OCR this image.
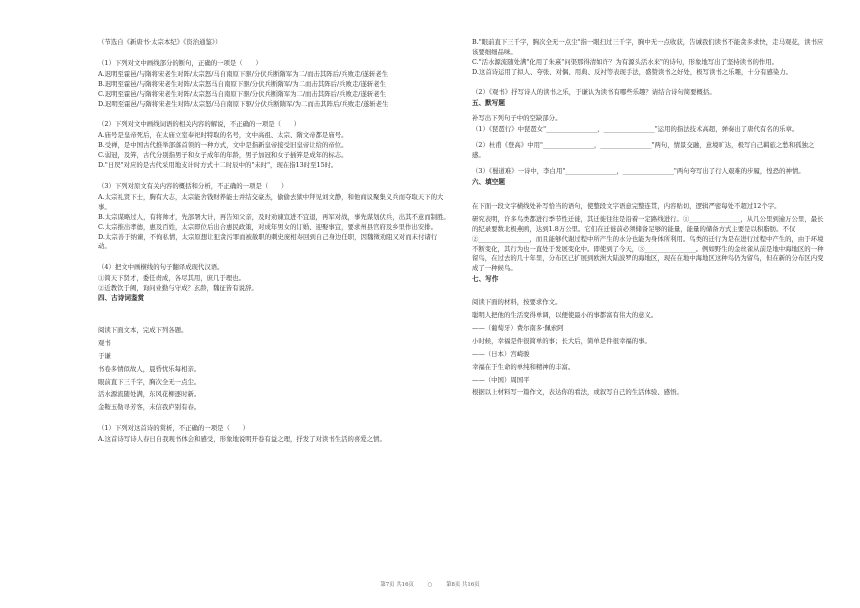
（节选自《新唐书·太宗本纪》《资治通鉴》）

（1）下列对文中画线部分的断句，正确的一项是（　　）

A.迟明至霍邑/与隋将宋老生对阵/太宗怒/马自南原下驱/分伏兵断隋军为二/而击其阵后/兵败走/遂斩老生

B.迟明至霍邑/与隋将宋老生对阵/太宗怒马自南原下驱/分伏兵断隋军/为二而击其阵后/兵败走/遂斩老生

C.迟明至霍邑/与隋将宋老生对阵/太宗怒马自南原下驱/分伏兵断隋军为二/而击其阵后/兵败走/遂斩老生

D.迟明至霍邑/与隋将宋老生对阵/太宗怒/马自南原下驱/分伏兵断隋军/为二而击其阵后/兵败走/遂斩老生

（2）下列对文中画线词语的相关内容的解说，不正确的一项是（　　）

A.庙号是皇帝死后，在太庙立室奉祀时特取的名号，文中高祖、太宗、隋文帝都是庙号。

B.受禅，是中国古代推举部落首领的一种方式，文中是指新皇帝接受旧皇帝让给的帝位。

C.弱冠，及笄，古代分别指男子和女子成年的年龄，男子加冠和女子插笄是成年的标志。

D."日昃"对应的是古代采用地支计时方式十二时辰中的"未时"，现在指13时至15时。

（3）下列对原文有关内容的概括和分析，不正确的一项是（　　）

A.太宗礼贤下士，胸有大志，太宗能舍钱财养能士并结交豪杰，偷偷去狱中拜见刘文静，和他商议聚集义兵而夺取天下的大事。

B.太宗谋略过人，有将帅才，先部署大计，再告知父亲，及时劝谏宣进不宜退，再军对战，事先谋划伏兵，出其不意而制胜。

C.太宗推出孝德，惠及百姓，太宗即位后出合惠民政策，对成年男女的订婚、迎娶事宜，要求州县官府及乡里作出安排。

D.太宗善于纳谏，不徇私情，太宗原想让犯贪污罪而被赦职的刺史庞相寿回到自己身边任职，因魏徵劝阻又对而未付诸行动。

（4）把文中画横线的句子翻译成现代汉语。

①简天下贤才，委任责成，各尽其用，庶几于理也。

②近教饮于阙，询问业勤与守成？玄龄，魏征皆有说辞。

四、古诗词鉴赏

阅读下面文本，完成下列各题。

观书

于谦

书卷多情似故人，晨昏忧乐每相亲。

眼前直下三千字，胸次全无一点尘。

活水源流随处满，东风花柳逐时新。

金鞍玉勒寻芳客，未信我庐别有春。

（1）下列对这首诗的赏析，不正确的一项是（　　）

A.这首诗写诗人春日自我观书体会和感受，形象地说明开卷有益之理，抒发了对读书生活的喜爱之情。

B."眼前直下三千字，胸次全无一点尘"指一眼扫过三千字，胸中无一点收获，告诫我们读书不能贪多求快，走马观花，读书应该要细细品味。

C."活水源流随处满"化用了朱熹"问渠那得清如许？为有源头活水来"的诗句，形象地写出了坚持读书的作用。

D.这首诗运用了拟人、夸张、对偶、用典、反衬等表现手法，盛赞读书之好处，极写读书之乐趣，十分有感染力。

（2）《观书》抒写诗人的读书之乐，于谦认为读书有哪些乐趣？请结合诗句简要概括。

五、默写题

补写出下列句子中的空缺部分。

（1）《琵琶行》中琵琶女"________________，________________"运用的指法技术高超，弹奏出了唐代有名的乐章。

（2）杜甫《登高》中用"________________，________________"两句，情景交融，意境旷达，极写自己羁旅之愁和孤独之感。

（3）《蜀道难》一诗中，李白用"________________，________________"两句夸写出了行人艰难的步履，惶恐的神情。

六、填空题

在下面一段文字横线处补写恰当的语句，使整段文字语意完整连贯，内容贴切，逻辑严密每处不超过12个字。

研究表明，许多鸟类都进行季节性迁徙，其迁徙往往是沿着一定路线进行。①________________，从几公里到逾万公里，最长的纪录要数北极燕鸥，达到1.8万公里。它们在迁徙前必须储备足够的能量，能量的储备方式主要是以积脂肪。不仅②________________，而且能够代谢过程中所产生的水分也能为身体所利用。鸟类的迁行为是在进行过程中产生的，由于环境不断变化，其行为也一直处于发展变化中。即使到了今天，③________________。例如野生的金丝雀从前是地中海地区的一种留鸟，在过去的几十年里，分布区已扩展到欧洲大陆波罗的海地区，现在在地中海地区这种鸟仍为留鸟，但在新的分布区内变成了一种候鸟。

七、写作

阅读下面的材料，按要求作文。

聪明人把他的生活变得单调，以便使最小的事都富有伟大的意义。

——（葡萄牙）费尔南多·佩索阿

小时候，幸福是件很简单的事；长大后，简单是件很幸福的事。

——（日本）宫崎骏

幸福在于生命的单纯和精神的丰富。

——（中国）周国平

根据以上材料写一篇作文，表达你的看法，或叙写自己的生活体验、感悟。

第7页 共16页	○	第8页 共16页
